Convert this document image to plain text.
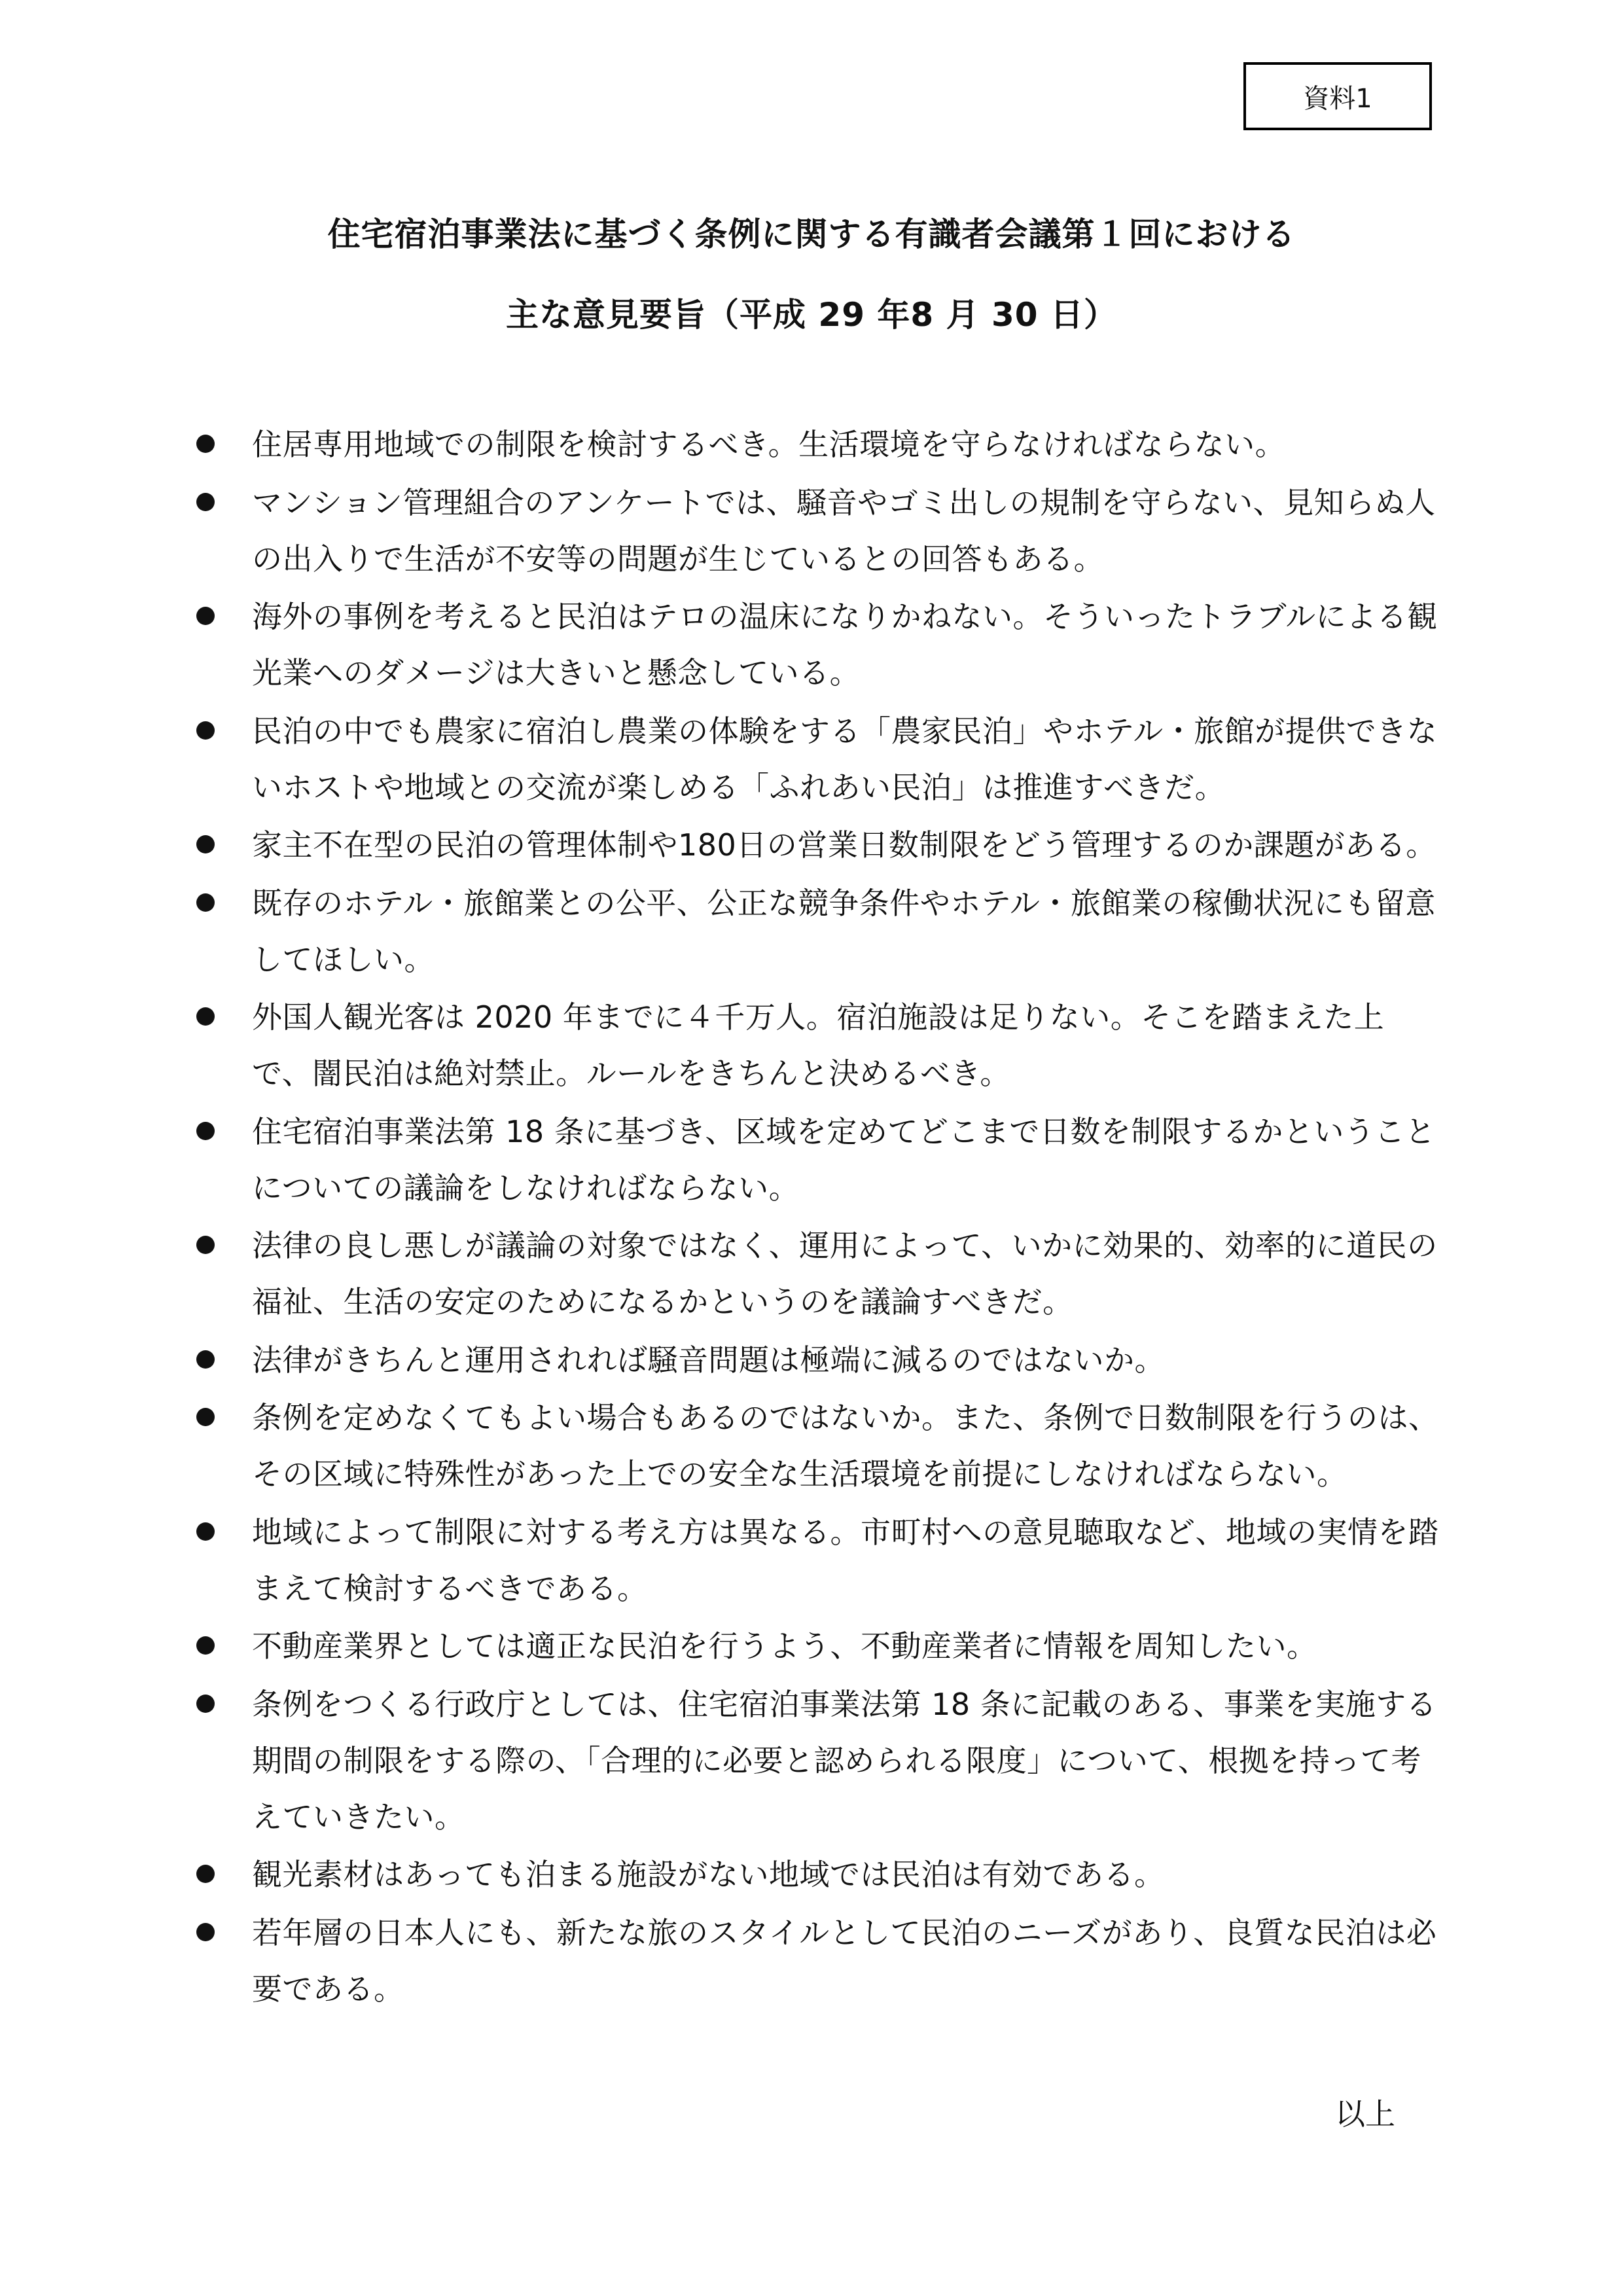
資料1
住宅宿泊事業法に基づく条例に関する有識者会議第１回における
主な意見要旨（平成 29 年8 月 30 日）
住居専用地域での制限を検討するべき。生活環境を守らなければならない。
マンション管理組合のアンケートでは、騒音やゴミ出しの規制を守らない、見知らぬ人の出入りで生活が不安等の問題が生じているとの回答もある。
海外の事例を考えると民泊はテロの温床になりかねない。そういったトラブルによる観光業へのダメージは大きいと懸念している。
民泊の中でも農家に宿泊し農業の体験をする「農家民泊」やホテル・旅館が提供できないホストや地域との交流が楽しめる「ふれあい民泊」は推進すべきだ。
家主不在型の民泊の管理体制や180日の営業日数制限をどう管理するのか課題がある。
既存のホテル・旅館業との公平、公正な競争条件やホテル・旅館業の稼働状況にも留意してほしい。
外国人観光客は 2020 年までに４千万人。宿泊施設は足りない。そこを踏まえた上で、闇民泊は絶対禁止。ルールをきちんと決めるべき。
住宅宿泊事業法第 18 条に基づき、区域を定めてどこまで日数を制限するかということについての議論をしなければならない。
法律の良し悪しが議論の対象ではなく、運用によって、いかに効果的、効率的に道民の福祉、生活の安定のためになるかというのを議論すべきだ。
法律がきちんと運用されれば騒音問題は極端に減るのではないか。
条例を定めなくてもよい場合もあるのではないか。また、条例で日数制限を行うのは、その区域に特殊性があった上での安全な生活環境を前提にしなければならない。
地域によって制限に対する考え方は異なる。市町村への意見聴取など、地域の実情を踏まえて検討するべきである。
不動産業界としては適正な民泊を行うよう、不動産業者に情報を周知したい。
条例をつくる行政庁としては、住宅宿泊事業法第 18 条に記載のある、事業を実施する期間の制限をする際の、「合理的に必要と認められる限度」について、根拠を持って考えていきたい。
観光素材はあっても泊まる施設がない地域では民泊は有効である。
若年層の日本人にも、新たな旅のスタイルとして民泊のニーズがあり、良質な民泊は必要である。
以上
